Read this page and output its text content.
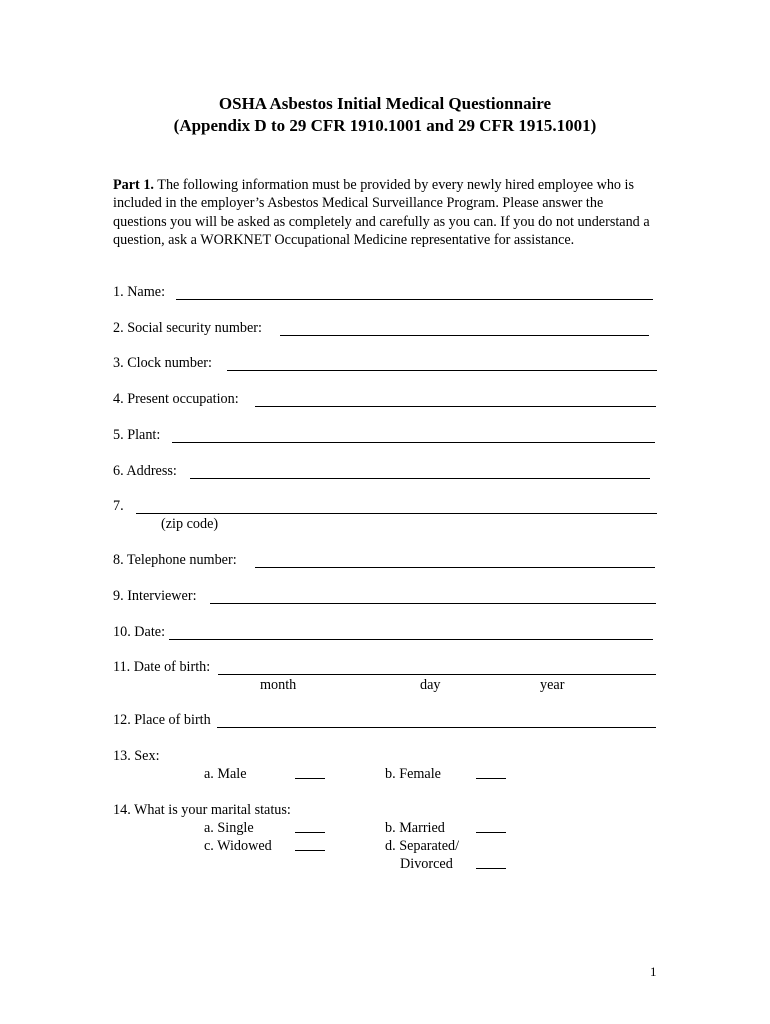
OSHA Asbestos Initial Medical Questionnaire
(Appendix D to 29 CFR 1910.1001 and 29 CFR 1915.1001)
Part 1. The following information must be provided by every newly hired employee who is included in the employer’s Asbestos Medical Surveillance Program. Please answer the questions you will be asked as completely and carefully as you can. If you do not understand a question, ask a WORKNET Occupational Medicine representative for assistance.
1. Name:
2. Social security number:
3. Clock number:
4. Present occupation:
5. Plant:
6. Address:
7.
(zip code)
8. Telephone number:
9. Interviewer:
10. Date:
11. Date of birth:
month	day	year
12. Place of birth
13. Sex:
a. Male	b. Female
14. What is your marital status:
a. Single	b. Married
c. Widowed	d. Separated/
Divorced
1
